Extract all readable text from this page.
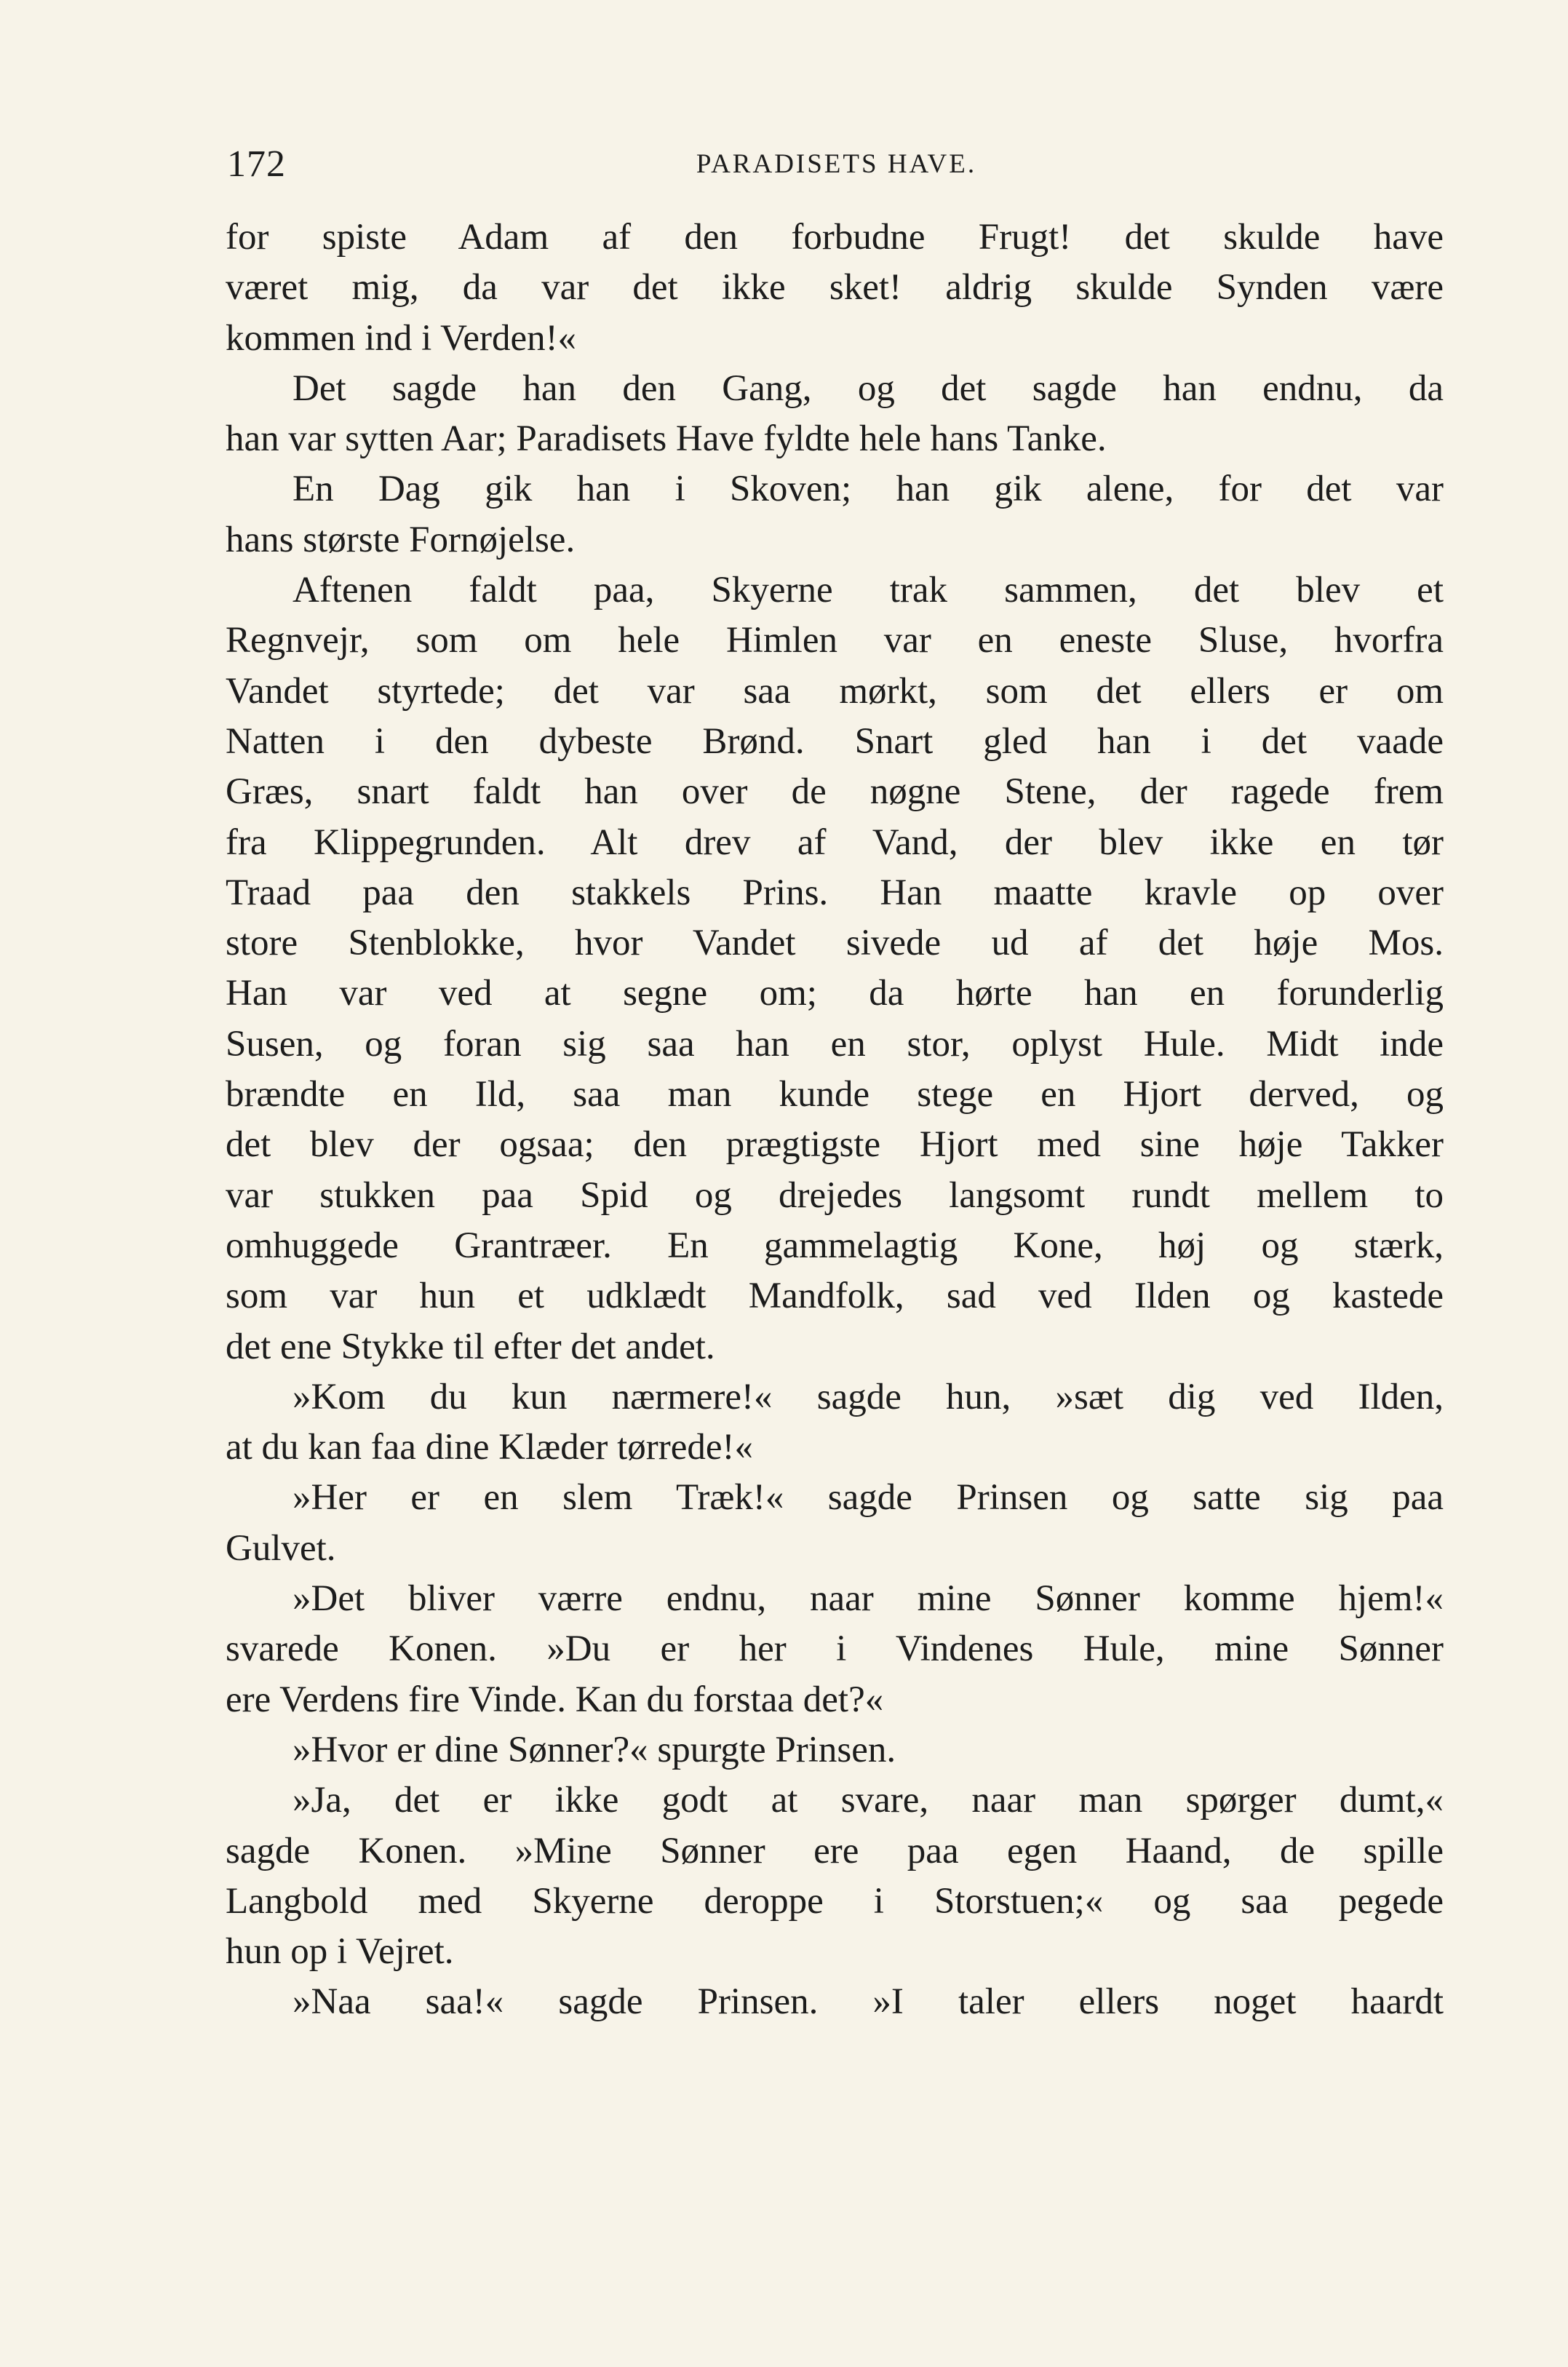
172	PARADISETS HAVE.
for spiste Adam af den forbudne Frugt! det skulde have
været mig, da var det ikke sket! aldrig skulde Synden være
kommen ind i Verden!«
Det sagde han den Gang, og det sagde han endnu, da
han var sytten Aar; Paradisets Have fyldte hele hans Tanke.
En Dag gik han i Skoven; han gik alene, for det var
hans største Fornøjelse.
Aftenen faldt paa, Skyerne trak sammen, det blev et
Regnvejr, som om hele Himlen var en eneste Sluse, hvorfra
Vandet styrtede; det var saa mørkt, som det ellers er om
Natten i den dybeste Brønd. Snart gled han i det vaade
Græs, snart faldt han over de nøgne Stene, der ragede frem
fra Klippegrunden. Alt drev af Vand, der blev ikke en tør
Traad paa den stakkels Prins. Han maatte kravle op over
store Stenblokke, hvor Vandet sivede ud af det høje Mos.
Han var ved at segne om; da hørte han en forunderlig
Susen, og foran sig saa han en stor, oplyst Hule. Midt inde
brændte en Ild, saa man kunde stege en Hjort derved, og
det blev der ogsaa; den prægtigste Hjort med sine høje Takker
var stukken paa Spid og drejedes langsomt rundt mellem to
omhuggede Grantræer. En gammelagtig Kone, høj og stærk,
som var hun et udklædt Mandfolk, sad ved Ilden og kastede
det ene Stykke til efter det andet.
»Kom du kun nærmere!« sagde hun, »sæt dig ved Ilden,
at du kan faa dine Klæder tørrede!«
»Her er en slem Træk!« sagde Prinsen og satte sig paa
Gulvet.
»Det bliver værre endnu, naar mine Sønner komme hjem!«
svarede Konen. »Du er her i Vindenes Hule, mine Sønner
ere Verdens fire Vinde. Kan du forstaa det?«
»Hvor er dine Sønner?« spurgte Prinsen.
»Ja, det er ikke godt at svare, naar man spørger dumt,«
sagde Konen. »Mine Sønner ere paa egen Haand, de spille
Langbold med Skyerne deroppe i Storstuen;« og saa pegede
hun op i Vejret.
»Naa saa!« sagde Prinsen. »I taler ellers noget haardt
